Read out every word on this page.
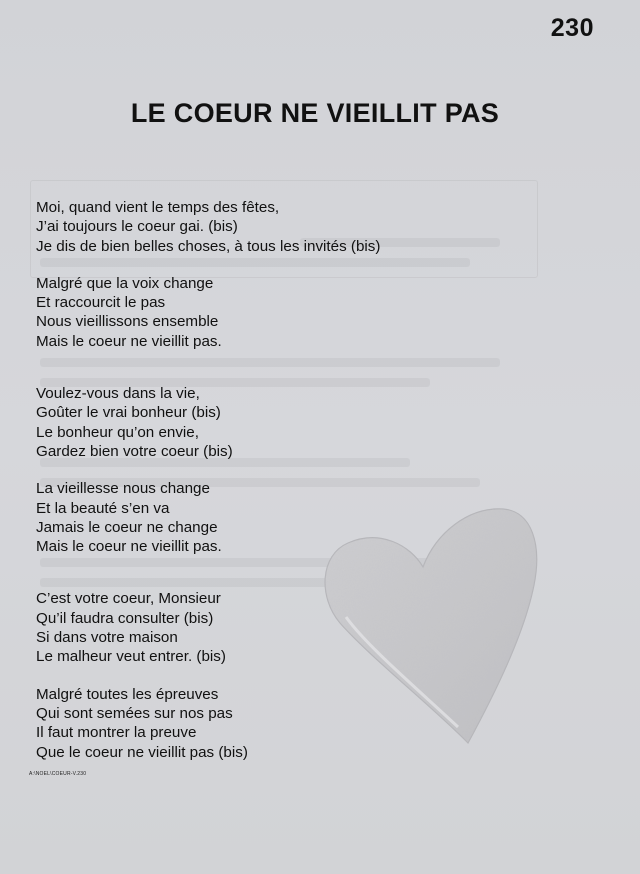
230
LE COEUR NE VIEILLIT PAS
Moi, quand vient le temps des fêtes,
J’ai toujours le coeur gai. (bis)
Je dis de bien belles choses, à tous les invités (bis)
Malgré que la voix change
Et raccourcit le pas
Nous vieillissons ensemble
Mais le coeur ne vieillit pas.
Voulez-vous dans la vie,
Goûter le vrai bonheur (bis)
Le bonheur qu’on envie,
Gardez bien votre coeur (bis)
La vieillesse nous change
Et la beauté s’en va
Jamais le coeur ne change
Mais le coeur ne vieillit pas.
C’est votre coeur, Monsieur
Qu’il faudra consulter (bis)
Si dans votre maison
Le malheur veut entrer. (bis)
Malgré toutes les épreuves
Qui sont semées sur nos pas
Il faut montrer la preuve
Que le coeur ne vieillit pas (bis)
A:\NOEL\COEUR-V.230
